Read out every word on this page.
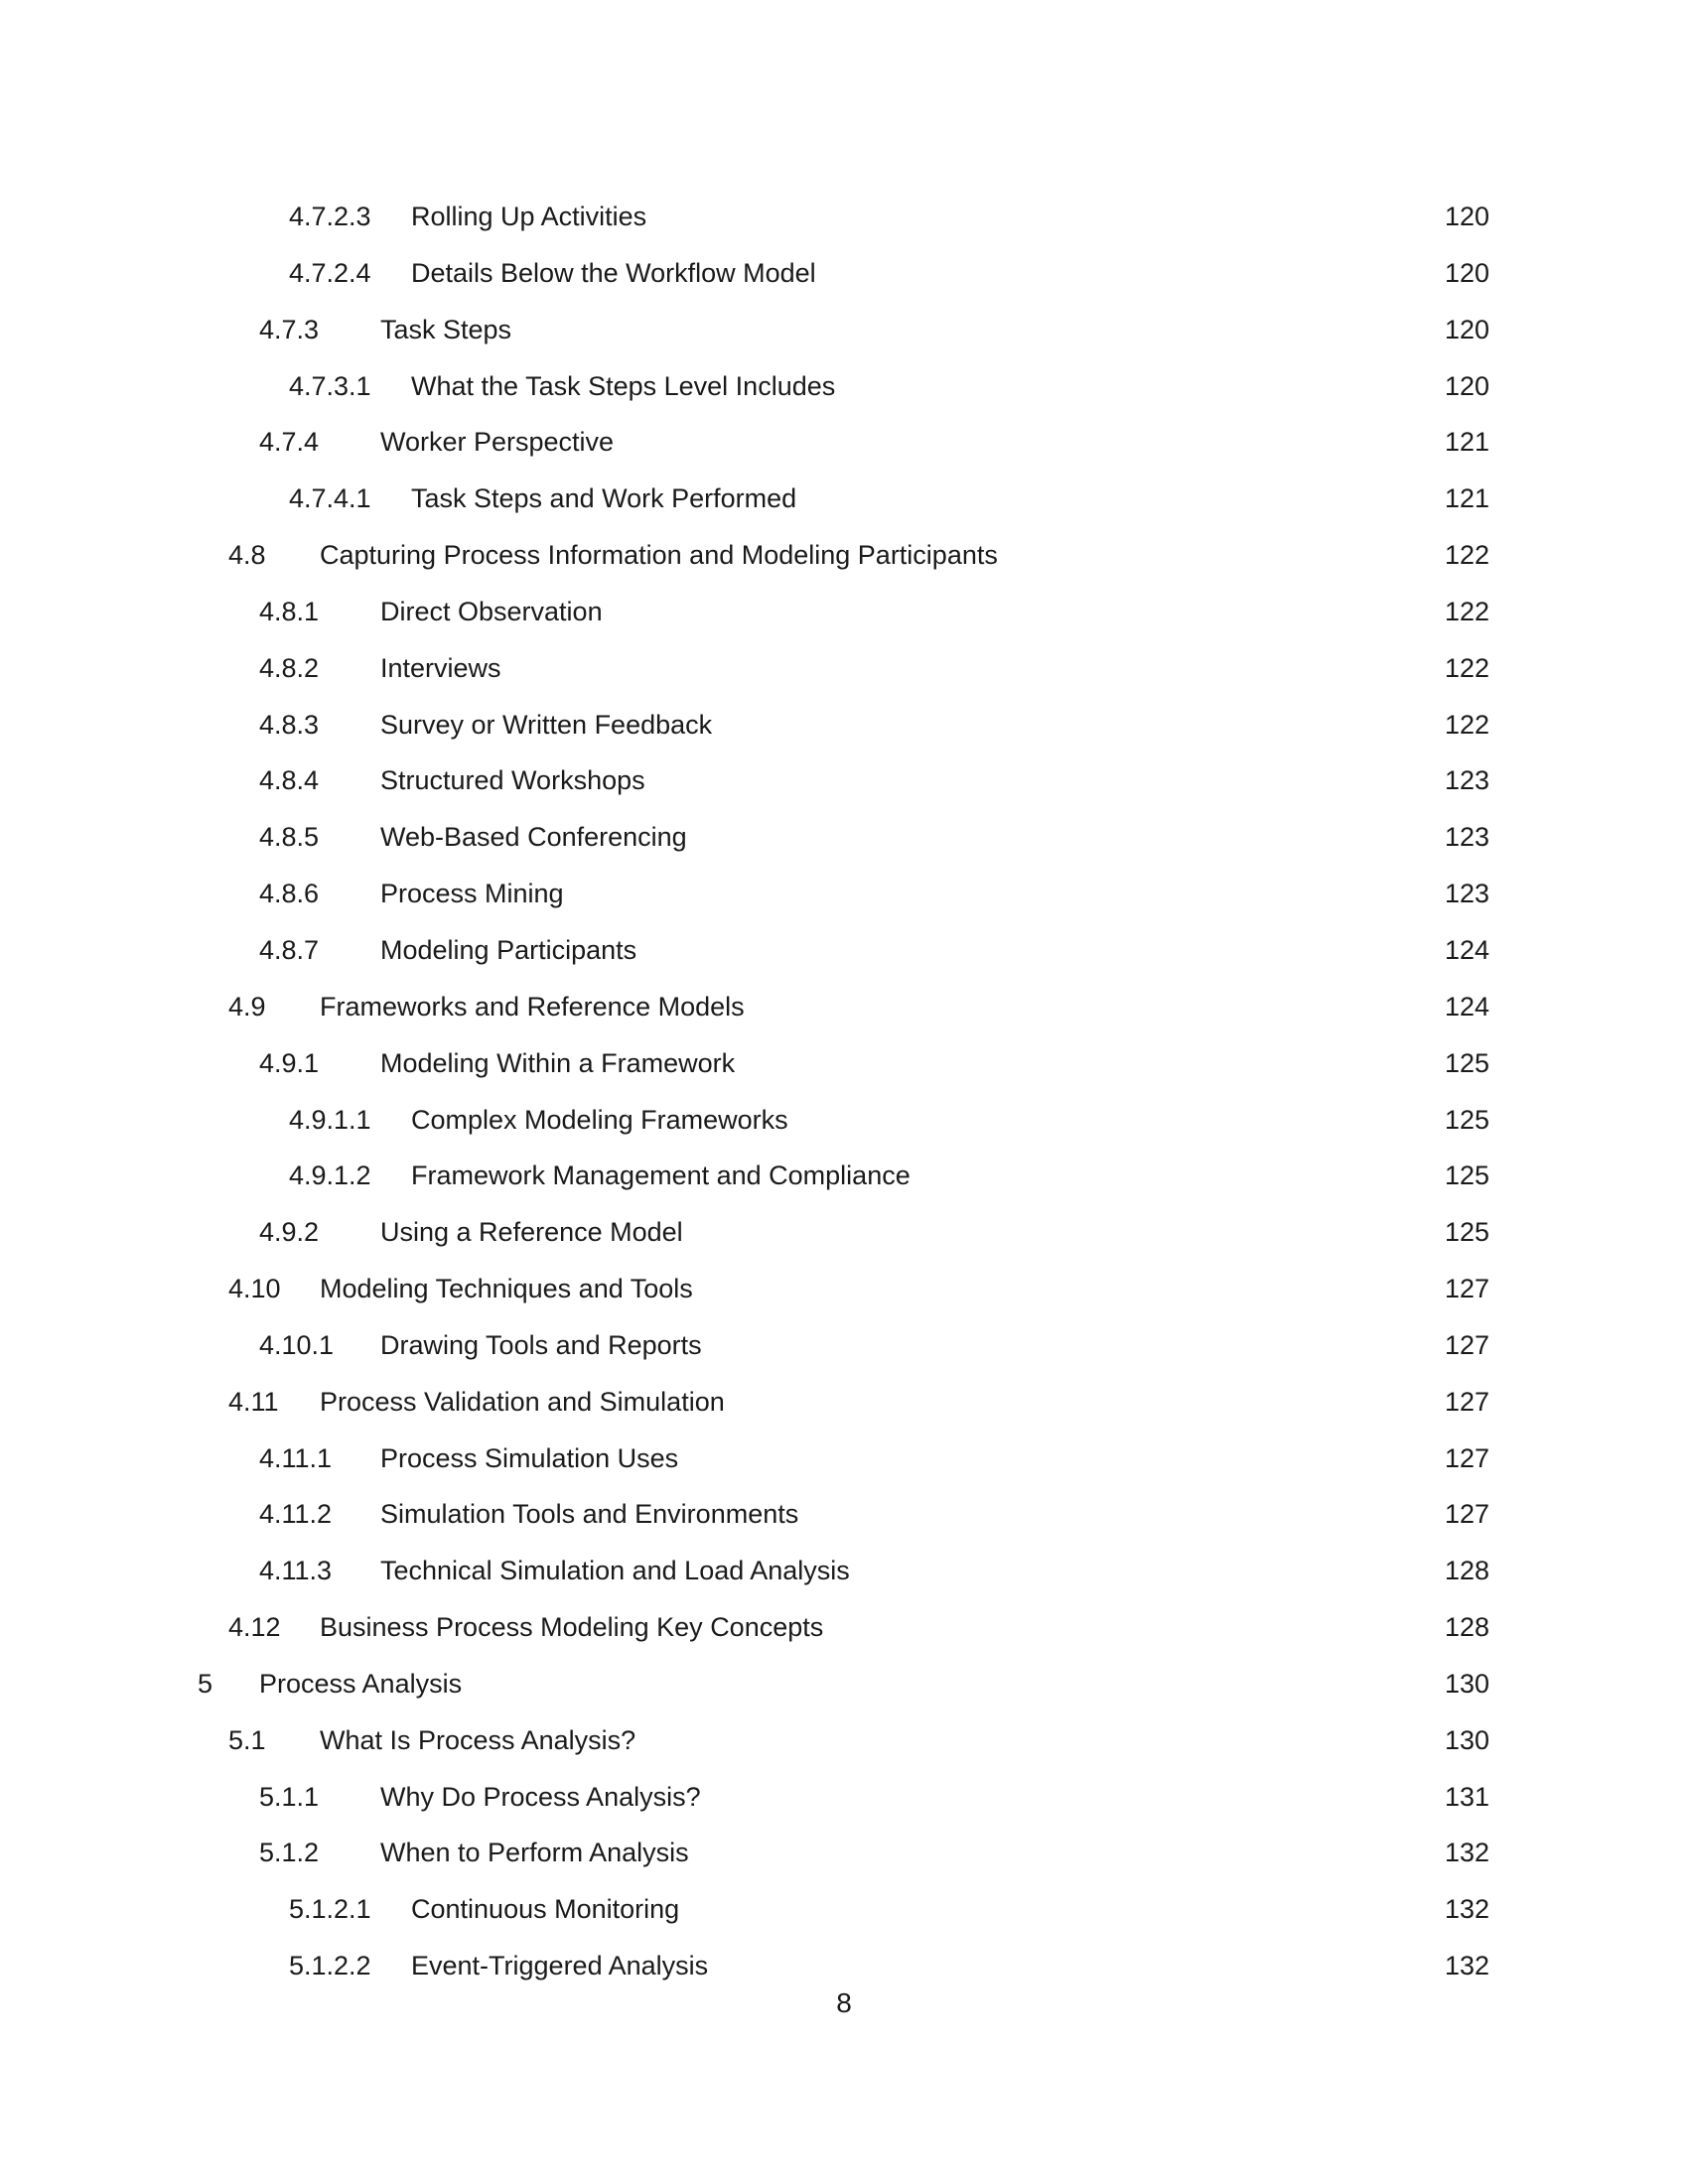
4.7.2.3 Rolling Up Activities	120
4.7.2.4 Details Below the Workflow Model	120
4.7.3 Task Steps	120
4.7.3.1 What the Task Steps Level Includes	120
4.7.4 Worker Perspective	121
4.7.4.1 Task Steps and Work Performed	121
4.8 Capturing Process Information and Modeling Participants	122
4.8.1 Direct Observation	122
4.8.2 Interviews	122
4.8.3 Survey or Written Feedback	122
4.8.4 Structured Workshops	123
4.8.5 Web-Based Conferencing	123
4.8.6 Process Mining	123
4.8.7 Modeling Participants	124
4.9 Frameworks and Reference Models	124
4.9.1 Modeling Within a Framework	125
4.9.1.1 Complex Modeling Frameworks	125
4.9.1.2 Framework Management and Compliance	125
4.9.2 Using a Reference Model	125
4.10 Modeling Techniques and Tools	127
4.10.1 Drawing Tools and Reports	127
4.11 Process Validation and Simulation	127
4.11.1 Process Simulation Uses	127
4.11.2 Simulation Tools and Environments	127
4.11.3 Technical Simulation and Load Analysis	128
4.12 Business Process Modeling Key Concepts	128
5 Process Analysis	130
5.1 What Is Process Analysis?	130
5.1.1 Why Do Process Analysis?	131
5.1.2 When to Perform Analysis	132
5.1.2.1 Continuous Monitoring	132
5.1.2.2 Event-Triggered Analysis	132
8
